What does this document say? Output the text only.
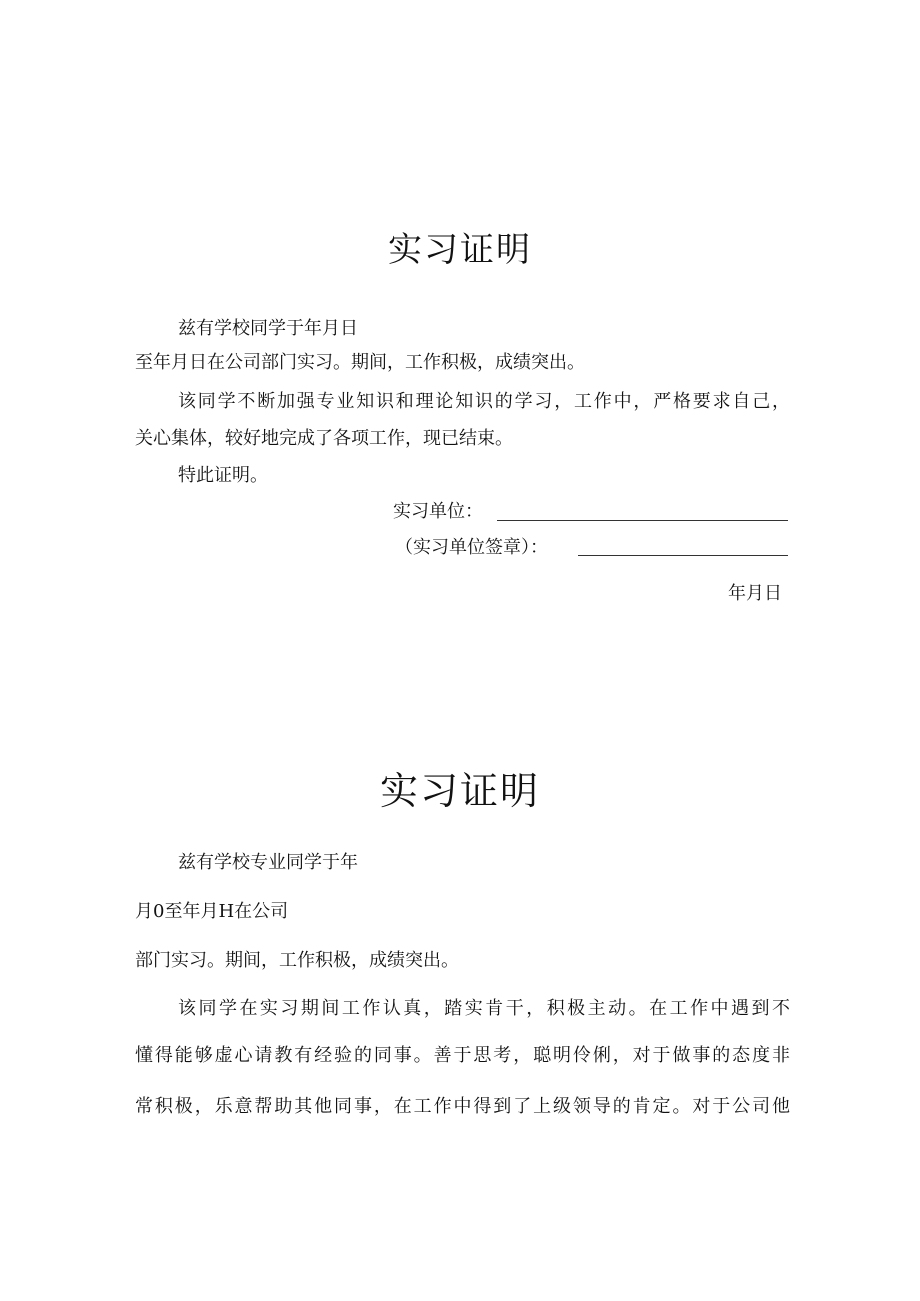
实习证明

兹有学校同学于年月日

至年月日在公司部门实习。期间，工作积极，成绩突出。

该同学不断加强专业知识和理论知识的学习，工作中，严格要求自己，

关心集体，较好地完成了各项工作，现已结束。

特此证明。

实习单位：
（实习单位签章）：
年月日
实习证明

兹有学校专业同学于年

月0至年月H在公司

部门实习。期间，工作积极，成绩突出。

该同学在实习期间工作认真，踏实肯干，积极主动。在工作中遇到不

懂得能够虚心请教有经验的同事。善于思考，聪明伶俐，对于做事的态度非

常积极，乐意帮助其他同事，在工作中得到了上级领导的肯定。对于公司他
